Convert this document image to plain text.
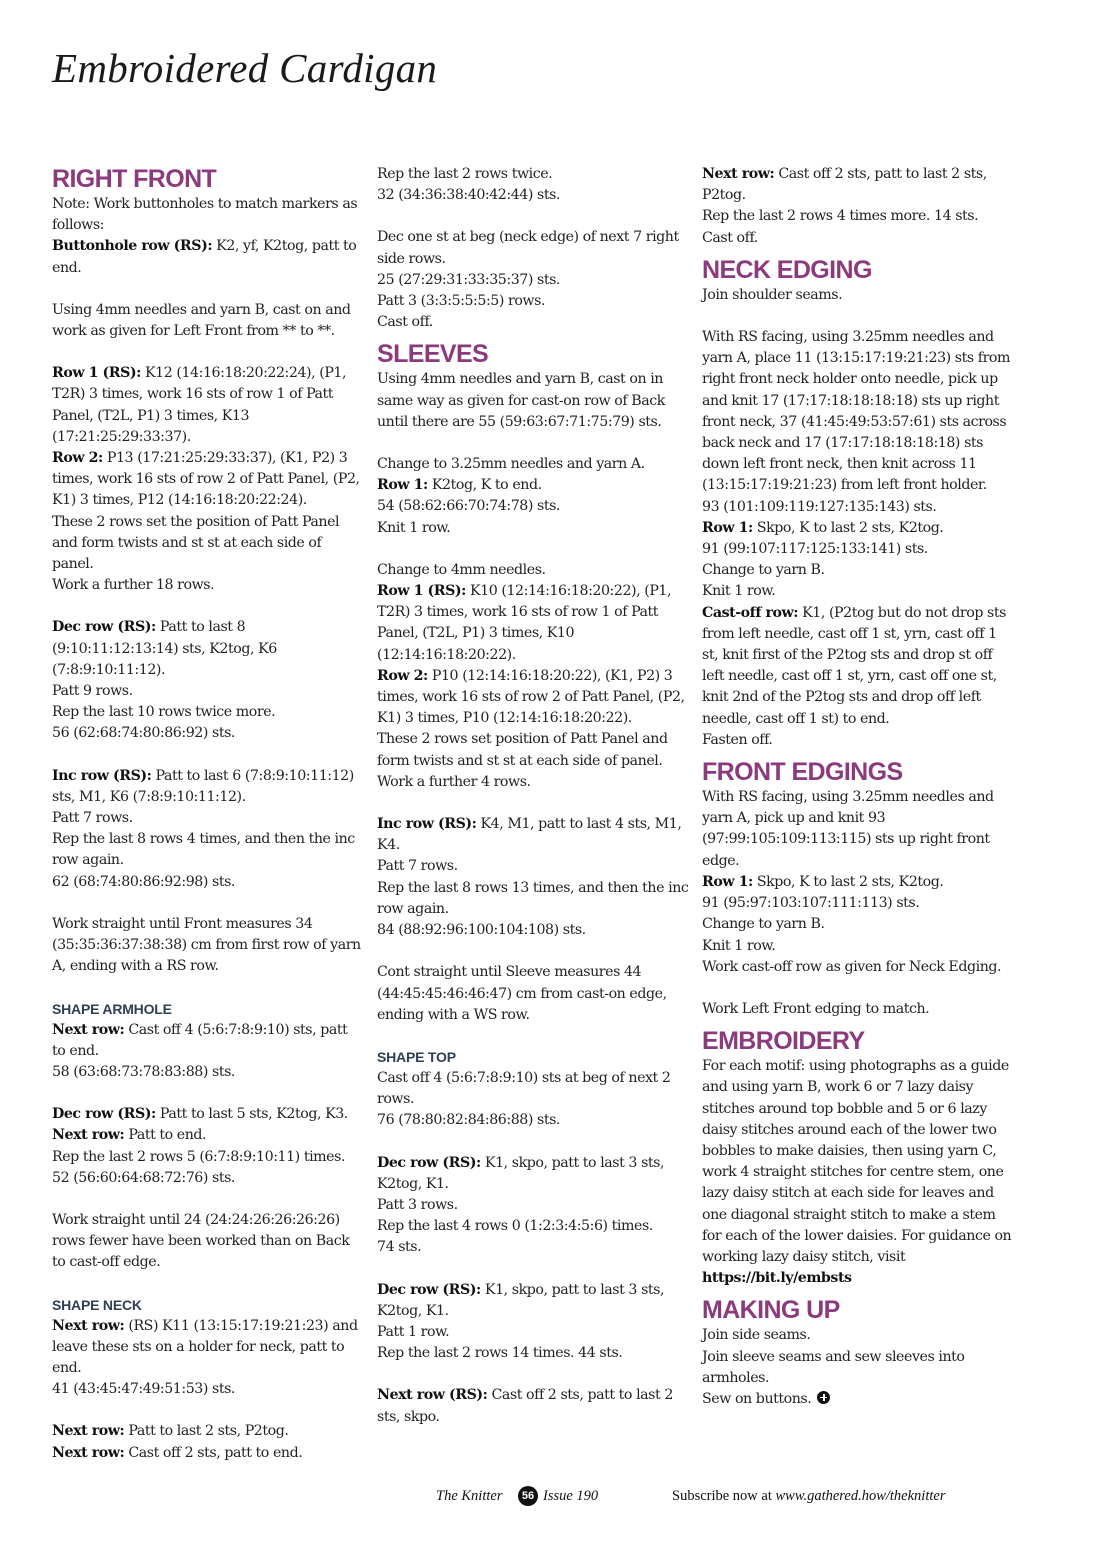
Embroidered Cardigan
RIGHT FRONT

Note: Work buttonholes to match markers as follows:

Buttonhole row (RS): K2, yf, K2tog, patt to end.

Using 4mm needles and yarn B, cast on and work as given for Left Front from ** to **.

Row 1 (RS): K12 (14:16:18:20:22:24), (P1, T2R) 3 times, work 16 sts of row 1 of Patt Panel, (T2L, P1) 3 times, K13 (17:21:25:29:33:37).
Row 2: P13 (17:21:25:29:33:37), (K1, P2) 3 times, work 16 sts of row 2 of Patt Panel, (P2, K1) 3 times, P12 (14:16:18:20:22:24).
These 2 rows set the position of Patt Panel and form twists and st st at each side of panel.
Work a further 18 rows.

Dec row (RS): Patt to last 8 (9:10:11:12:13:14) sts, K2tog, K6 (7:8:9:10:11:12).
Patt 9 rows.
Rep the last 10 rows twice more.
56 (62:68:74:80:86:92) sts.

Inc row (RS): Patt to last 6 (7:8:9:10:11:12) sts, M1, K6 (7:8:9:10:11:12).
Patt 7 rows.
Rep the last 8 rows 4 times, and then the inc row again.
62 (68:74:80:86:92:98) sts.

Work straight until Front measures 34 (35:35:36:37:38:38) cm from first row of yarn A, ending with a RS row.

SHAPE ARMHOLE

Next row: Cast off 4 (5:6:7:8:9:10) sts, patt to end.
58 (63:68:73:78:83:88) sts.

Dec row (RS): Patt to last 5 sts, K2tog, K3.
Next row: Patt to end.
Rep the last 2 rows 5 (6:7:8:9:10:11) times.
52 (56:60:64:68:72:76) sts.

Work straight until 24 (24:24:26:26:26:26) rows fewer have been worked than on Back to cast-off edge.

SHAPE NECK

Next row: (RS) K11 (13:15:17:19:21:23) and leave these sts on a holder for neck, patt to end.
41 (43:45:47:49:51:53) sts.

Next row: Patt to last 2 sts, P2tog.
Next row: Cast off 2 sts, patt to end.

Rep the last 2 rows twice.
32 (34:36:38:40:42:44) sts.

Dec one st at beg (neck edge) of next 7 right side rows.
25 (27:29:31:33:35:37) sts.
Patt 3 (3:3:5:5:5:5) rows.
Cast off.

SLEEVES

Using 4mm needles and yarn B, cast on in same way as given for cast-on row of Back until there are 55 (59:63:67:71:75:79) sts.

Change to 3.25mm needles and yarn A.
Row 1: K2tog, K to end.
54 (58:62:66:70:74:78) sts.
Knit 1 row.

Change to 4mm needles.
Row 1 (RS): K10 (12:14:16:18:20:22), (P1, T2R) 3 times, work 16 sts of row 1 of Patt Panel, (T2L, P1) 3 times, K10 (12:14:16:18:20:22).
Row 2: P10 (12:14:16:18:20:22), (K1, P2) 3 times, work 16 sts of row 2 of Patt Panel, (P2, K1) 3 times, P10 (12:14:16:18:20:22).
These 2 rows set position of Patt Panel and form twists and st st at each side of panel.
Work a further 4 rows.

Inc row (RS): K4, M1, patt to last 4 sts, M1, K4.
Patt 7 rows.
Rep the last 8 rows 13 times, and then the inc row again.
84 (88:92:96:100:104:108) sts.

Cont straight until Sleeve measures 44 (44:45:45:46:46:47) cm from cast-on edge, ending with a WS row.

SHAPE TOP

Cast off 4 (5:6:7:8:9:10) sts at beg of next 2 rows.
76 (78:80:82:84:86:88) sts.

Dec row (RS): K1, skpo, patt to last 3 sts, K2tog, K1.
Patt 3 rows.
Rep the last 4 rows 0 (1:2:3:4:5:6) times.
74 sts.

Dec row (RS): K1, skpo, patt to last 3 sts, K2tog, K1.
Patt 1 row.
Rep the last 2 rows 14 times. 44 sts.

Next row (RS): Cast off 2 sts, patt to last 2 sts, skpo.

Next row: Cast off 2 sts, patt to last 2 sts, P2tog.
Rep the last 2 rows 4 times more. 14 sts.
Cast off.

NECK EDGING

Join shoulder seams.

With RS facing, using 3.25mm needles and yarn A, place 11 (13:15:17:19:21:23) sts from right front neck holder onto needle, pick up and knit 17 (17:17:18:18:18:18) sts up right front neck, 37 (41:45:49:53:57:61) sts across back neck and 17 (17:17:18:18:18:18) sts down left front neck, then knit across 11 (13:15:17:19:21:23) from left front holder.
93 (101:109:119:127:135:143) sts.
Row 1: Skpo, K to last 2 sts, K2tog.
91 (99:107:117:125:133:141) sts.
Change to yarn B.
Knit 1 row.
Cast-off row: K1, (P2tog but do not drop sts from left needle, cast off 1 st, yrn, cast off 1 st, knit first of the P2tog sts and drop st off left needle, cast off 1 st, yrn, cast off one st, knit 2nd of the P2tog sts and drop off left needle, cast off 1 st) to end.
Fasten off.

FRONT EDGINGS

With RS facing, using 3.25mm needles and yarn A, pick up and knit 93 (97:99:105:109:113:115) sts up right front edge.
Row 1: Skpo, K to last 2 sts, K2tog.
91 (95:97:103:107:111:113) sts.
Change to yarn B.
Knit 1 row.
Work cast-off row as given for Neck Edging.

Work Left Front edging to match.

EMBROIDERY

For each motif: using photographs as a guide and using yarn B, work 6 or 7 lazy daisy stitches around top bobble and 5 or 6 lazy daisy stitches around each of the lower two bobbles to make daisies, then using yarn C, work 4 straight stitches for centre stem, one lazy daisy stitch at each side for leaves and one diagonal straight stitch to make a stem for each of the lower daisies. For guidance on working lazy daisy stitch, visit https://bit.ly/embsts

MAKING UP

Join side seams.
Join sleeve seams and sew sleeves into armholes.
Sew on buttons.

The Knitter	56 Issue 190	Subscribe now at www.gathered.how/theknitter
